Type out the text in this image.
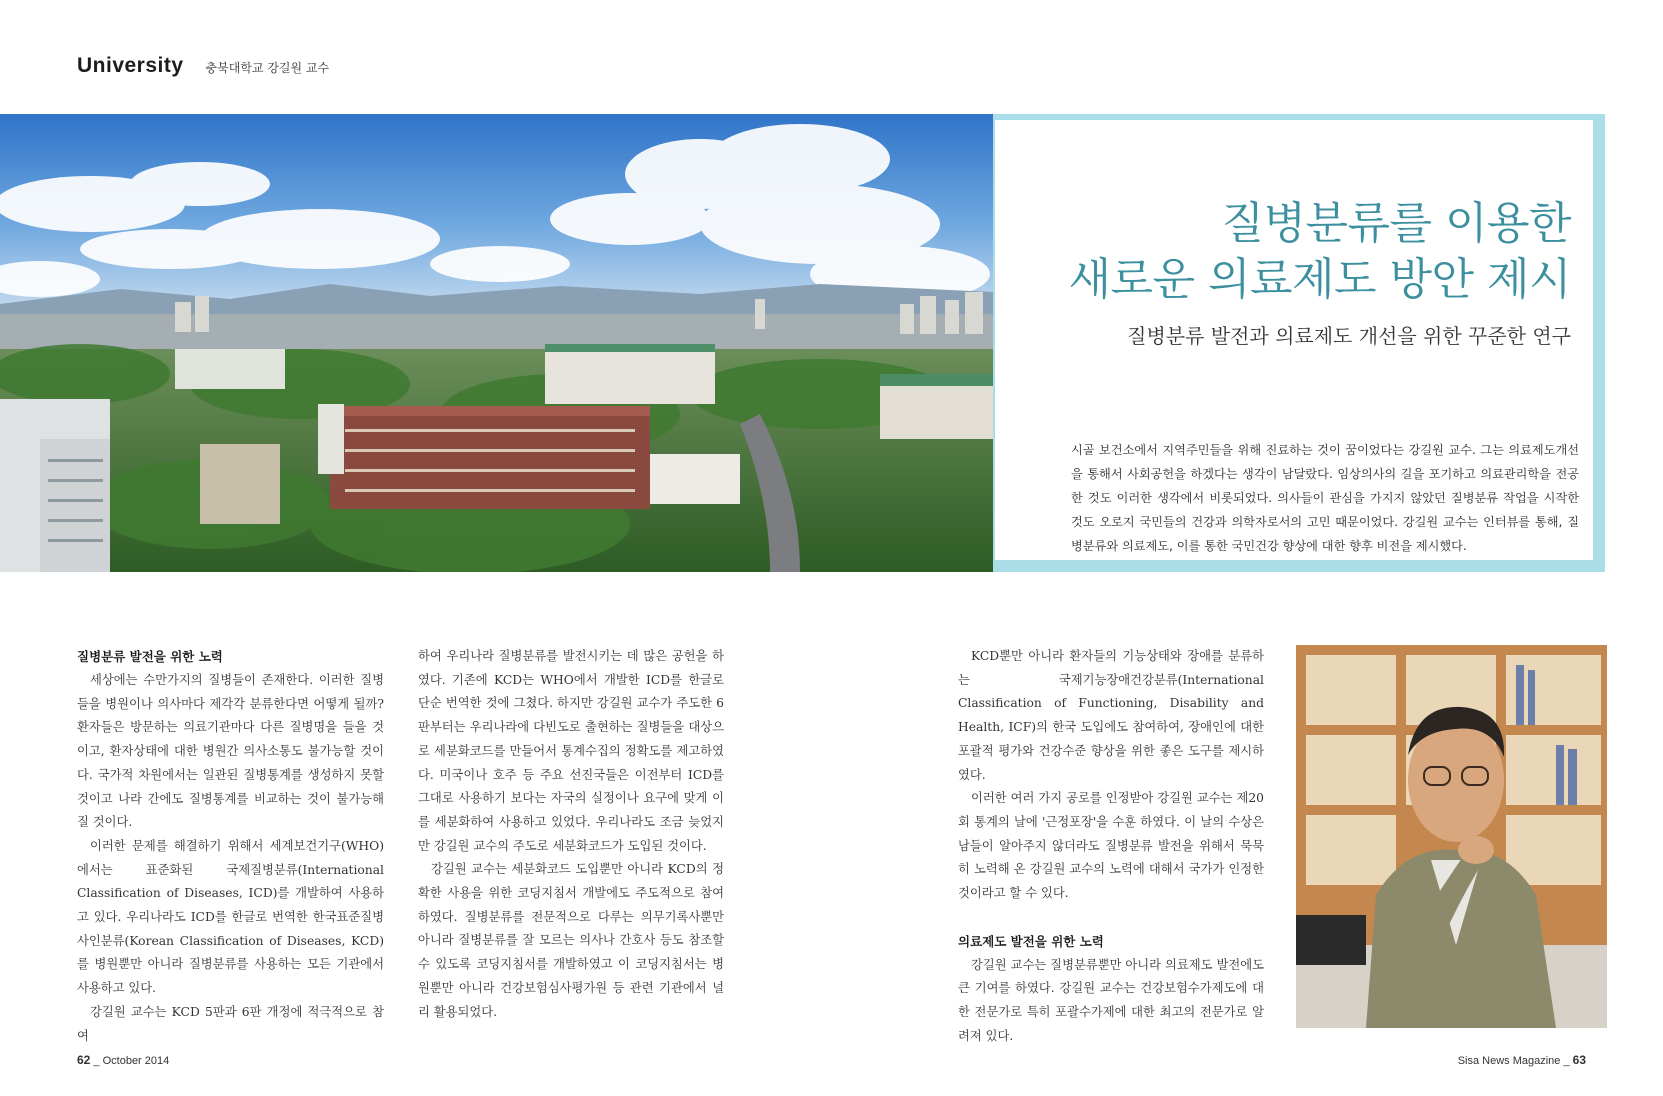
University 충북대학교 강길원 교수
질병분류를 이용한
새로운 의료제도 방안 제시
질병분류 발전과 의료제도 개선을 위한 꾸준한 연구
시골 보건소에서 지역주민들을 위해 진료하는 것이 꿈이었다는 강길원 교수. 그는 의료제도개선을 통해서 사회공헌을 하겠다는 생각이 남달랐다. 임상의사의 길을 포기하고 의료관리학을 전공한 것도 이러한 생각에서 비롯되었다. 의사들이 관심을 가지지 않았던 질병분류 작업을 시작한 것도 오로지 국민들의 건강과 의학자로서의 고민 때문이었다. 강길원 교수는 인터뷰를 통해, 질병분류와 의료제도, 이를 통한 국민건강 향상에 대한 향후 비전을 제시했다.
질병분류 발전을 위한 노력

세상에는 수만가지의 질병들이 존재한다. 이러한 질병들을 병원이나 의사마다 제각각 분류한다면 어떻게 될까? 환자들은 방문하는 의료기관마다 다른 질병명을 들을 것이고, 환자상태에 대한 병원간 의사소통도 불가능할 것이다. 국가적 차원에서는 일관된 질병통계를 생성하지 못할 것이고 나라 간에도 질병통계를 비교하는 것이 불가능해질 것이다.

이러한 문제를 해결하기 위해서 세계보건기구(WHO)에서는 표준화된 국제질병분류(International Classification of Diseases, ICD)를 개발하여 사용하고 있다. 우리나라도 ICD를 한글로 번역한 한국표준질병사인분류(Korean Classification of Diseases, KCD)를 병원뿐만 아니라 질병분류를 사용하는 모든 기관에서 사용하고 있다.

강길원 교수는 KCD 5판과 6판 개정에 적극적으로 참여

하여 우리나라 질병분류를 발전시키는 데 많은 공헌을 하였다. 기존에 KCD는 WHO에서 개발한 ICD를 한글로 단순 번역한 것에 그쳤다. 하지만 강길원 교수가 주도한 6판부터는 우리나라에 다빈도로 출현하는 질병들을 대상으로 세분화코드를 만들어서 통계수집의 정확도를 제고하였다. 미국이나 호주 등 주요 선진국들은 이전부터 ICD를 그대로 사용하기 보다는 자국의 실정이나 요구에 맞게 이를 세분화하여 사용하고 있었다. 우리나라도 조금 늦었지만 강길원 교수의 주도로 세분화코드가 도입된 것이다.

강길원 교수는 세분화코드 도입뿐만 아니라 KCD의 정확한 사용을 위한 코딩지침서 개발에도 주도적으로 참여하였다. 질병분류를 전문적으로 다루는 의무기록사뿐만 아니라 질병분류를 잘 모르는 의사나 간호사 등도 참조할 수 있도록 코딩지침서를 개발하였고 이 코딩지침서는 병원뿐만 아니라 건강보험심사평가원 등 관련 기관에서 널리 활용되었다.

KCD뿐만 아니라 환자들의 기능상태와 장애를 분류하는 국제기능장애건강분류(International Classification of Functioning, Disability and Health, ICF)의 한국 도입에도 참여하여, 장애인에 대한 포괄적 평가와 건강수준 향상을 위한 좋은 도구를 제시하였다.

이러한 여러 가지 공로를 인정받아 강길원 교수는 제20회 통계의 날에 '근정포장'을 수훈 하였다. 이 날의 수상은 남들이 알아주지 않더라도 질병분류 발전을 위해서 묵묵히 노력해 온 강길원 교수의 노력에 대해서 국가가 인정한 것이라고 할 수 있다.

의료제도 발전을 위한 노력

강길원 교수는 질병분류뿐만 아니라 의료제도 발전에도 큰 기여를 하였다. 강길원 교수는 건강보험수가제도에 대한 전문가로 특히 포괄수가제에 대한 최고의 전문가로 알려져 있다.

62 _ October 2014	Sisa News Magazine _ 63
